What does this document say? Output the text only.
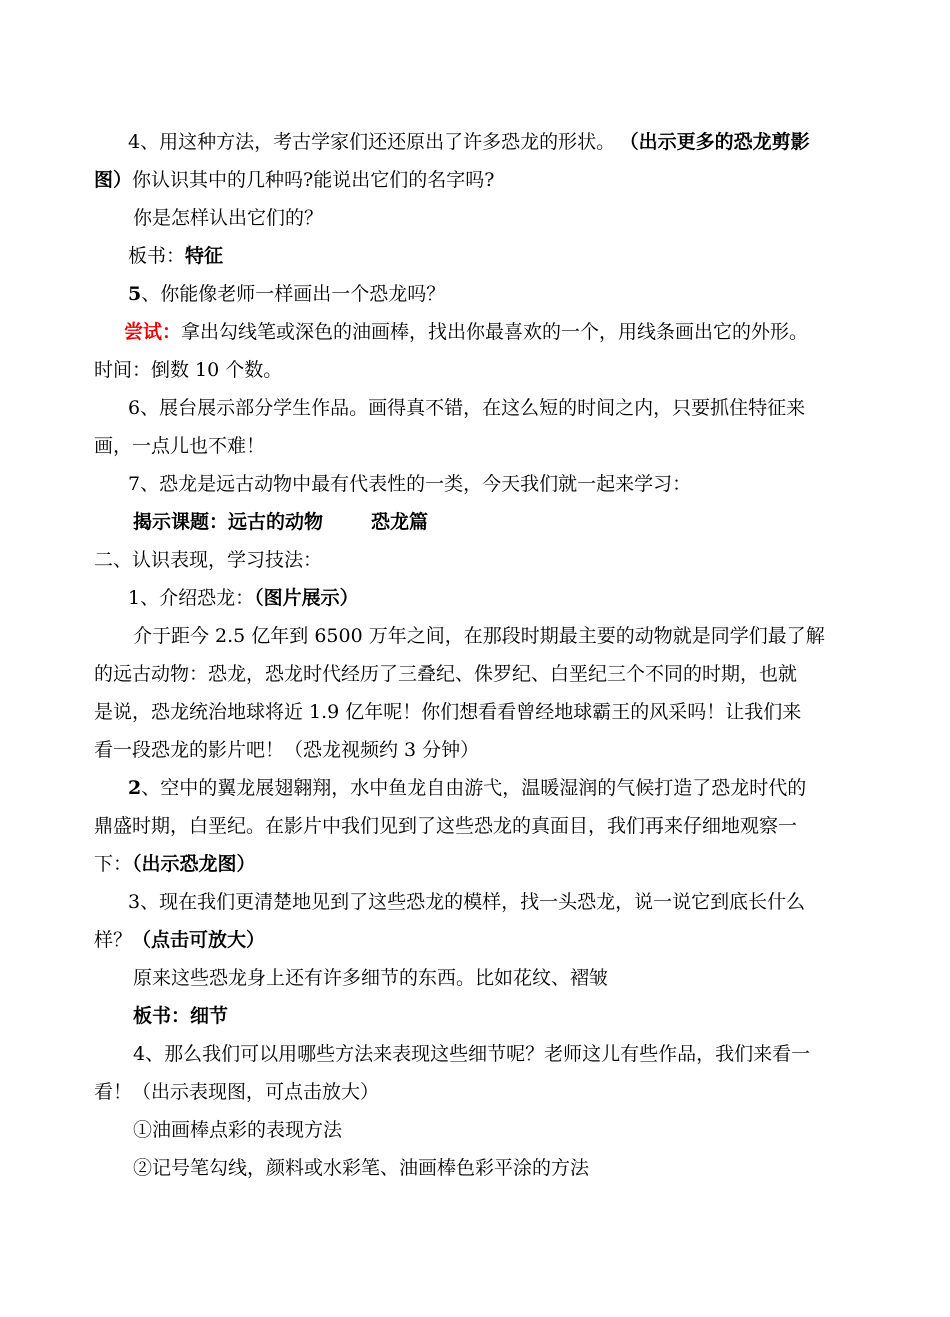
4、用这种方法，考古学家们还还原出了许多恐龙的形状。 （出示更多的恐龙剪影
图）你认识其中的几种吗?能说出它们的名字吗?
你是怎样认出它们的？
板书：特征
5、你能像老师一样画出一个恐龙吗？
尝试：拿出勾线笔或深色的油画棒，找出你最喜欢的一个，用线条画出它的外形。
时间：倒数 10 个数。
6、展台展示部分学生作品。画得真不错，在这么短的时间之内，只要抓住特征来
画，一点儿也不难！
7、恐龙是远古动物中最有代表性的一类，今天我们就一起来学习：
揭示课题：远古的动物	恐龙篇
二、认识表现，学习技法：
1、介绍恐龙：（图片展示）
介于距今 2.5 亿年到 6500 万年之间，在那段时期最主要的动物就是同学们最了解
的远古动物：恐龙，恐龙时代经历了三叠纪、侏罗纪、白垩纪三个不同的时期，也就
是说，恐龙统治地球将近 1.9 亿年呢！你们想看看曾经地球霸王的风采吗！让我们来
看一段恐龙的影片吧！（恐龙视频约 3 分钟）
2、空中的翼龙展翅翱翔，水中鱼龙自由游弋，温暖湿润的气候打造了恐龙时代的
鼎盛时期，白垩纪。在影片中我们见到了这些恐龙的真面目，我们再来仔细地观察一
下：（出示恐龙图）
3、现在我们更清楚地见到了这些恐龙的模样，找一头恐龙，说一说它到底长什么
样？（点击可放大）
原来这些恐龙身上还有许多细节的东西。比如花纹、褶皱
板书：细节
4、那么我们可以用哪些方法来表现这些细节呢？老师这儿有些作品，我们来看一
看！（出示表现图，可点击放大）
①油画棒点彩的表现方法
②记号笔勾线，颜料或水彩笔、油画棒色彩平涂的方法
